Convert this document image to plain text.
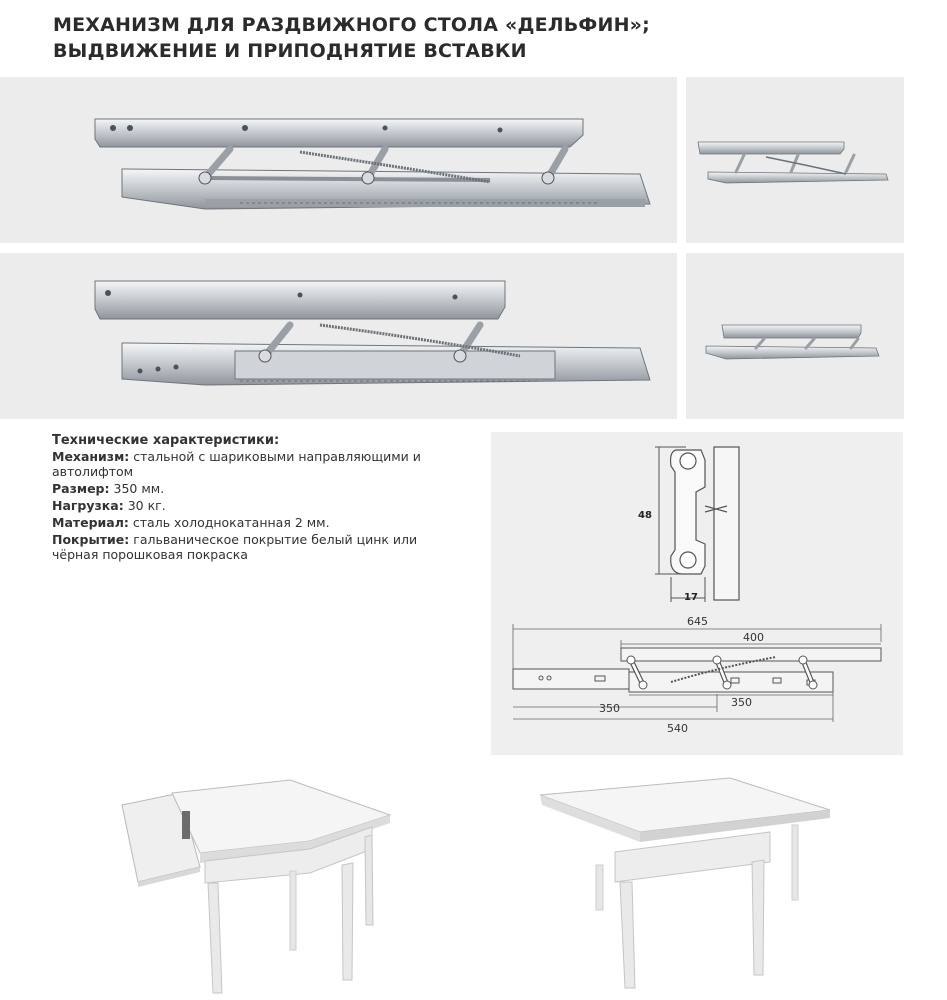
МЕХАНИЗМ ДЛЯ РАЗДВИЖНОГО СТОЛА «ДЕЛЬФИН»;
ВЫДВИЖЕНИЕ И ПРИПОДНЯТИЕ ВСТАВКИ
Технические характеристики:
Механизм: стальной с шариковыми направляющими и автолифтом
Размер: 350 мм.
Нагрузка: 30 кг.
Материал: сталь холоднокатанная 2 мм.
Покрытие: гальваническое покрытие белый цинк или чёрная порошковая покраска
48
17
645
400
350	350
540
